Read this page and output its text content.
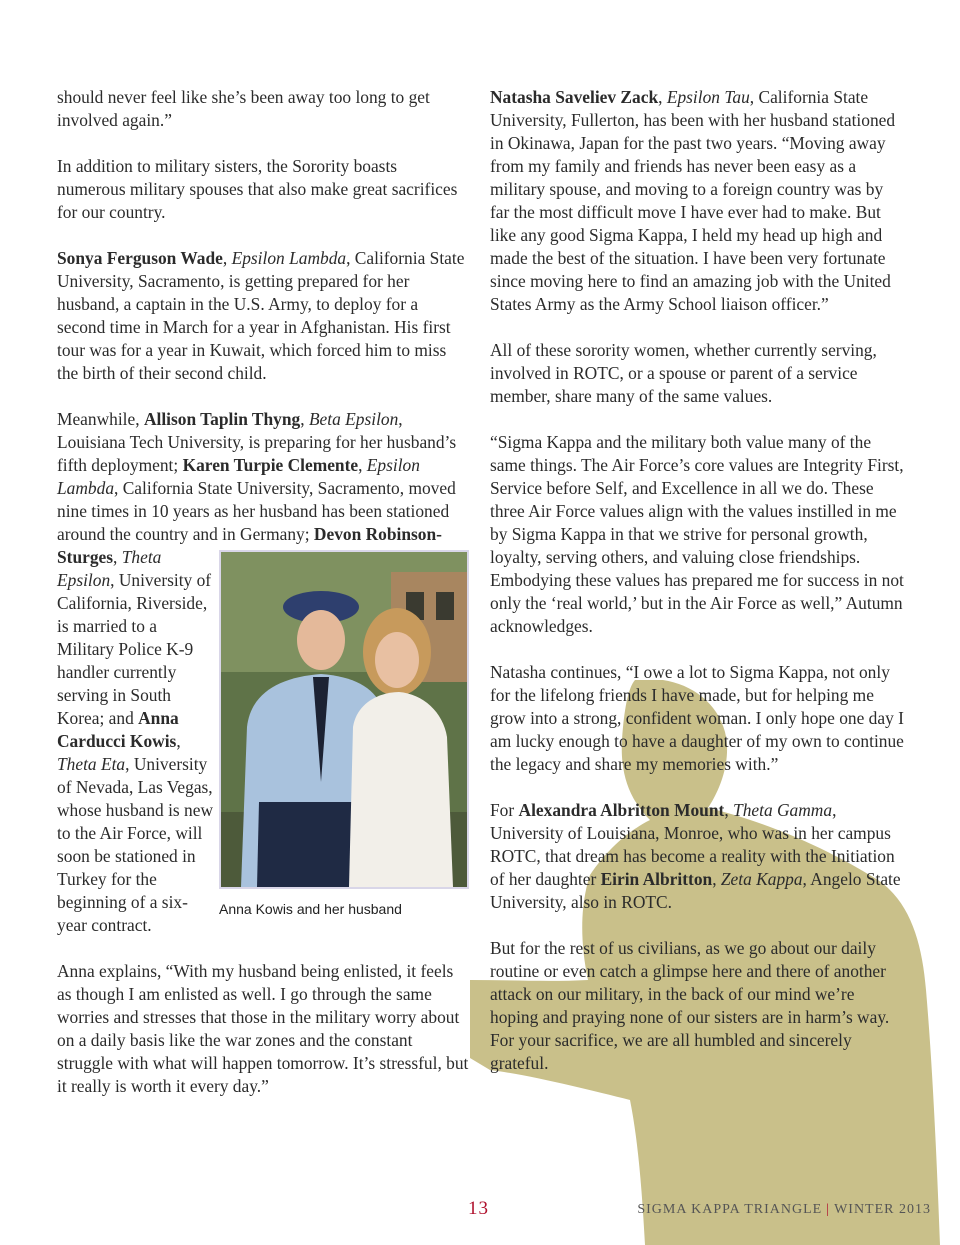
should never feel like she’s been away too long to get involved again.”

In addition to military sisters, the Sorority boasts numerous military spouses that also make great sacrifices for our country.

Sonya Ferguson Wade, Epsilon Lambda, California State University, Sacramento, is getting prepared for her husband, a captain in the U.S. Army, to deploy for a second time in March for a year in Afghanistan. His first tour was for a year in Kuwait, which forced him to miss the birth of their second child.

Meanwhile, Allison Taplin Thyng, Beta Epsilon, Louisiana Tech University, is preparing for her husband’s fifth deployment; Karen Turpie Clemente, Epsilon Lambda, California State University, Sacramento, moved nine times in 10 years as her husband has been stationed around the country and in Germany;
Anna Kowis and her husband
Devon Robinson-Sturges, Theta Epsilon, University of California, Riverside, is married to a Military Police K-9 handler currently serving in South Korea; and Anna Carducci Kowis, Theta Eta, University of Nevada, Las Vegas, whose husband is new to the Air Force, will soon be stationed in Turkey for the beginning of a six-year contract.

Anna explains, “With my husband being enlisted, it feels as though I am enlisted as well. I go through the same worries and stresses that those in the military worry about on a daily basis like the war zones and the constant struggle with what will happen tomorrow. It’s stressful, but it really is worth it every day.”

Natasha Saveliev Zack, Epsilon Tau, California State University, Fullerton, has been with her husband stationed in Okinawa, Japan for the past two years. “Moving away from my family and friends has never been easy as a military spouse, and moving to a foreign country was by far the most difficult move I have ever had to make. But like any good Sigma Kappa, I held my head up high and made the best of the situation. I have been very fortunate since moving here to find an amazing job with the United States Army as the Army School liaison officer.”

All of these sorority women, whether currently serving, involved in ROTC, or a spouse or parent of a service member, share many of the same values.

“Sigma Kappa and the military both value many of the same things. The Air Force’s core values are Integrity First, Service before Self, and Excellence in all we do. These three Air Force values align with the values instilled in me by Sigma Kappa in that we strive for personal growth, loyalty, serving others, and valuing close friendships. Embodying these values has prepared me for success in not only the ‘real world,’ but in the Air Force as well,” Autumn acknowledges.

Natasha continues, “I owe a lot to Sigma Kappa, not only for the lifelong friends I have made, but for helping me grow into a strong, confident woman. I only hope one day I am lucky enough to have a daughter of my own to continue the legacy and share my memories with.”

For Alexandra Albritton Mount, Theta Gamma, University of Louisiana, Monroe, who was in her campus ROTC, that dream has become a reality with the Initiation of her daughter Eirin Albritton, Zeta Kappa, Angelo State University, also in ROTC.

But for the rest of us civilians, as we go about our daily routine or even catch a glimpse here and there of another attack on our military, in the back of our mind we’re hoping and praying none of our sisters are in harm’s way. For your sacrifice, we are all humbled and sincerely grateful.

13	SIGMA KAPPA TRIANGLE | WINTER 2013
